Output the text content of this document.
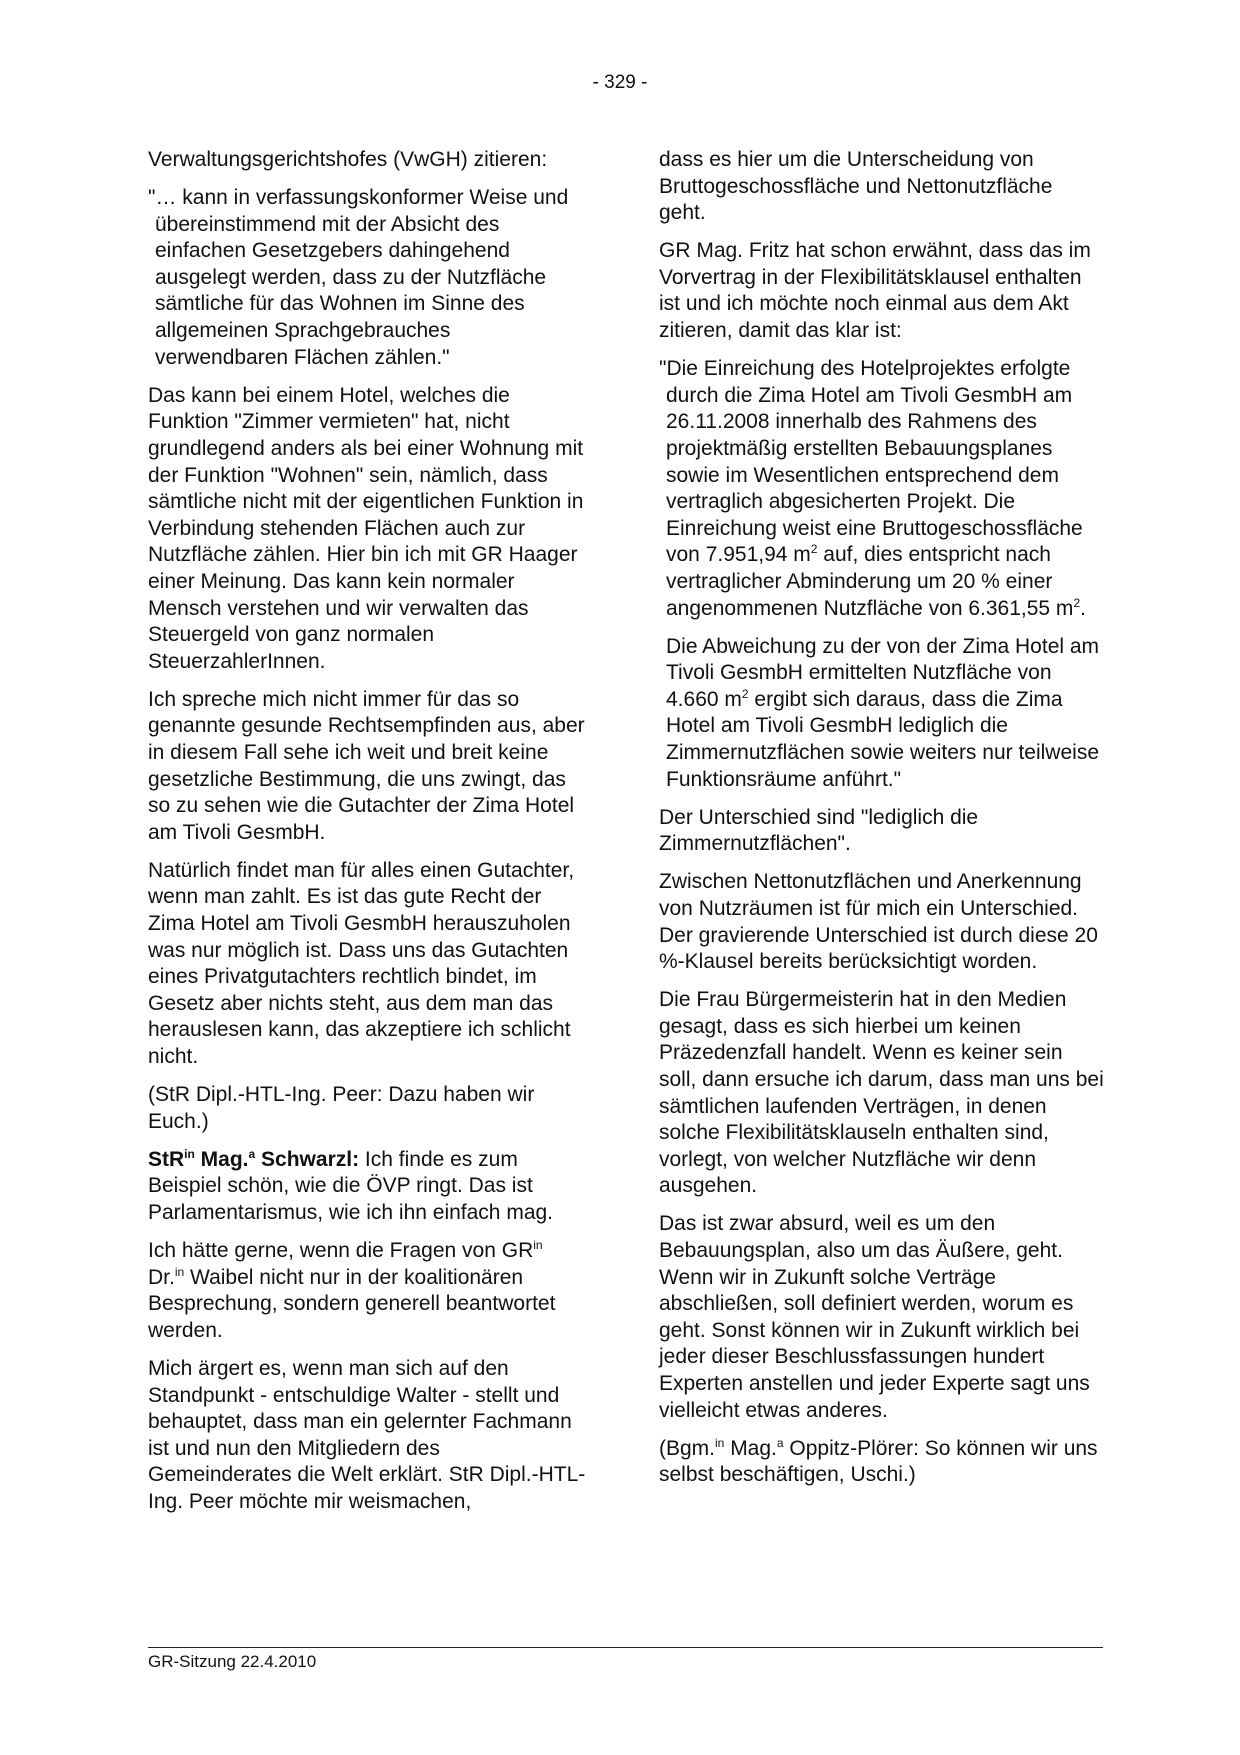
- 329 -

Verwaltungsgerichtshofes (VwGH) zitieren:

"… kann in verfassungskonformer Weise und übereinstimmend mit der Absicht des einfachen Gesetzgebers dahingehend ausgelegt werden, dass zu der Nutzfläche sämtliche für das Wohnen im Sinne des allgemeinen Sprachgebrauches verwendbaren Flächen zählen."

Das kann bei einem Hotel, welches die Funktion "Zimmer vermieten" hat, nicht grundlegend anders als bei einer Wohnung mit der Funktion "Wohnen" sein, nämlich, dass sämtliche nicht mit der eigentlichen Funktion in Verbindung stehenden Flächen auch zur Nutzfläche zählen. Hier bin ich mit GR Haager einer Meinung. Das kann kein normaler Mensch verstehen und wir verwalten das Steuergeld von ganz normalen SteuerzahlerInnen.

Ich spreche mich nicht immer für das so genannte gesunde Rechtsempfinden aus, aber in diesem Fall sehe ich weit und breit keine gesetzliche Bestimmung, die uns zwingt, das so zu sehen wie die Gutachter der Zima Hotel am Tivoli GesmbH.

Natürlich findet man für alles einen Gutachter, wenn man zahlt. Es ist das gute Recht der Zima Hotel am Tivoli GesmbH herauszuholen was nur möglich ist. Dass uns das Gutachten eines Privatgutachters rechtlich bindet, im Gesetz aber nichts steht, aus dem man das herauslesen kann, das akzeptiere ich schlicht nicht.

(StR Dipl.-HTL-Ing. Peer: Dazu haben wir Euch.)

StR$^{in}$ Mag.$^a$ Schwarzl: Ich finde es zum Beispiel schön, wie die ÖVP ringt. Das ist Parlamentarismus, wie ich ihn einfach mag.

Ich hätte gerne, wenn die Fragen von $GR^{in}$
Dr.$^{in}$ Waibel nicht nur in der koalitionären Besprechung, sondern generell beantwortet werden.

Mich ärgert es, wenn man sich auf den Standpunkt - entschuldige Walter - stellt und behauptet, dass man ein gelernter Fachmann ist und nun den Mitgliedern des Gemeinderates die Welt erklärt. StR Dipl.-HTL-Ing. Peer möchte mir weismachen,

dass es hier um die Unterscheidung von Bruttogeschossfläche und Nettonutzfläche geht.

GR Mag. Fritz hat schon erwähnt, dass das im Vorvertrag in der Flexibilitätsklausel enthalten ist und ich möchte noch einmal aus dem Akt zitieren, damit das klar ist:

"Die Einreichung des Hotelprojektes erfolgte durch die Zima Hotel am Tivoli GesmbH am 26.11.2008 innerhalb des Rahmens des projektmäßig erstellten Bebauungsplanes sowie im Wesentlichen entsprechend dem vertraglich abgesicherten Projekt. Die Einreichung weist eine Bruttogeschossfläche von 7.951,94 $m^2$ auf, dies entspricht nach vertraglicher Abminderung um 20 % einer angenommenen Nutzfläche von 6.361,55 $m^2$.

Die Abweichung zu der von der Zima Hotel am Tivoli GesmbH ermittelten Nutzfläche von 4.660 $m^2$ ergibt sich daraus, dass die Zima Hotel am Tivoli GesmbH lediglich die Zimmernutzflächen sowie weiters nur teilweise Funktionsräume anführt."

Der Unterschied sind "lediglich die Zimmernutzflächen".

Zwischen Nettonutzflächen und Anerkennung von Nutzräumen ist für mich ein Unterschied. Der gravierende Unterschied ist durch diese 20 %-Klausel bereits berücksichtigt worden.

Die Frau Bürgermeisterin hat in den Medien gesagt, dass es sich hierbei um keinen Präzedenzfall handelt. Wenn es keiner sein soll, dann ersuche ich darum, dass man uns bei sämtlichen laufenden Verträgen, in denen solche Flexibilitätsklauseln enthalten sind, vorlegt, von welcher Nutzfläche wir denn ausgehen.

Das ist zwar absurd, weil es um den Bebauungsplan, also um das Äußere, geht. Wenn wir in Zukunft solche Verträge abschließen, soll definiert werden, worum es geht. Sonst können wir in Zukunft wirklich bei jeder dieser Beschlussfassungen hundert Experten anstellen und jeder Experte sagt uns vielleicht etwas anderes.

(Bgm.$^{in}$ Mag.$^a$ Oppitz-Plörer: So können wir uns selbst beschäftigen, Uschi.)

GR-Sitzung 22.4.2010
